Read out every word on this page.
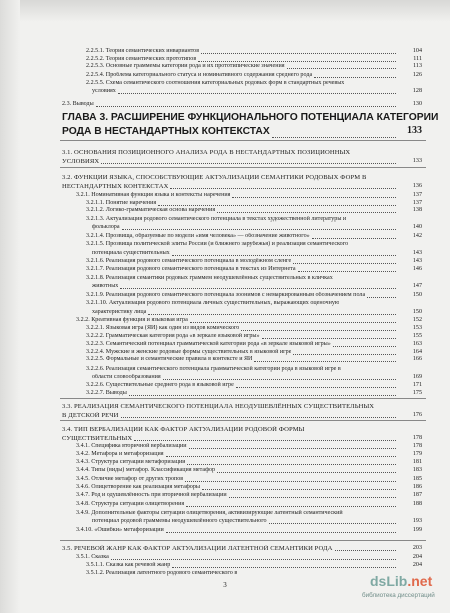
2.2.5.1. Теория семантических инвариантов	104
2.2.5.2. Теория семантических прототипов	111
2.2.5.3. Основные граммемы категории рода и их прототипические значения	113
2.2.5.4. Проблема категориального статуса и номинативного содержания среднего рода	126
2.2.5.5. Схема семантического соотношения категориальных родовых форм в стандартных речевых
условиях	128
2.3. Выводы	130
ГЛАВА 3. РАСШИРЕНИЕ ФУНКЦИОНАЛЬНОГО ПОТЕНЦИАЛА КАТЕГОРИИ
РОДА В НЕСТАНДАРТНЫХ КОНТЕКСТАХ	133
3.1. ОСНОВАНИЯ ПОЗИЦИОННОГО АНАЛИЗА РОДА В НЕСТАНДАРТНЫХ ПОЗИЦИОННЫХ
УСЛОВИЯХ	133
3.2. ФУНКЦИИ ЯЗЫКА, СПОСОБСТВУЮЩИЕ АКТУАЛИЗАЦИИ СЕМАНТИКИ РОДОВЫХ ФОРМ В
НЕСТАНДАРТНЫХ КОНТЕКСТАХ	136
3.2.1. Номинативная функция языка и контексты наречения	137
3.2.1.1. Понятие наречения	137
3.2.1.2. Логико-грамматическая основа наречения	138
3.2.1.3. Актуализация родового семантического потенциала в текстах художественной литературы и
фольклора	140
3.2.1.4. Прозвища, образуемые по модели «имя человека» — обозначение животного»	142
3.2.1.5. Прозвища политической элиты России (и ближнего зарубежья) и реализация семантического
потенциала существительных	143
3.2.1.6. Реализация родового семантического потенциала в молодёжном сленге	143
3.2.1.7. Реализация родового семантического потенциала в текстах из Интернета	146
3.2.1.8. Реализация семантики родовых граммем неодушевлённых существительных в кличках
животных	147
3.2.1.9. Реализация родового семантического потенциала зоонимов с немаркированным обозначением пола	150
3.2.1.10. Актуализация родового потенциала личных существительных, выражающих оценочную
характеристику лица	150
3.2.2. Креативная функция и языковая игра	152
3.2.2.1. Языковая игра (ЯИ) как один из видов комического	153
3.2.2.2. Грамматическая категория рода «в зеркале языковой игры»	155
3.2.2.3. Семантический потенциал грамматической категории рода «в зеркале языковой игры»	163
3.2.2.4. Мужские и женские родовые формы существительных в языковой игре	164
3.2.2.5. Формальные и семантические правила в контексте и ЯИ	166
3.2.2.6. Реализация семантического потенциала грамматической категории рода в языковой игре в
области словообразования	169
3.2.2.6. Существительные среднего рода в языковой игре	171
3.2.2.7. Выводы	175
3.3. РЕАЛИЗАЦИЯ СЕМАНТИЧЕСКОГО ПОТЕНЦИАЛА НЕОДУШЕВЛЁННЫХ СУЩЕСТВИТЕЛЬНЫХ
В ДЕТСКОЙ РЕЧИ	176
3.4. ТИП ВЕРБАЛИЗАЦИИ КАК ФАКТОР АКТУАЛИЗАЦИИ РОДОВОЙ ФОРМЫ
СУЩЕСТВИТЕЛЬНЫХ	178
3.4.1. Специфика вторичной вербализации	178
3.4.2. Метафора и метафоризация	179
3.4.3. Структура ситуации метафоризации	181
3.4.4. Типы (виды) метафор. Классификация метафор	183
3.4.5. Отличие метафор от других тропов	185
3.4.6. Олицетворение как реализация метафоры	186
3.4.7. Род и одушевлённость при вторичной вербализации	187
3.4.8. Структура ситуации олицетворения	188
3.4.9. Дополнительные факторы ситуации олицетворения, активизирующие латентный семантический
потенциал родовой граммемы неодушевлённого существительного	193
3.4.10. «Ошибки» метафоризации	199
3.5. РЕЧЕВОЙ ЖАНР КАК ФАКТОР АКТУАЛИЗАЦИИ ЛАТЕНТНОЙ СЕМАНТИКИ РОДА	203
3.5.1. Сказка	204
3.5.1.1. Сказка как речевой жанр	204
3.5.1.2. Реализация латентного родового семантического в
3	dsLib.net
библиотека диссертаций
